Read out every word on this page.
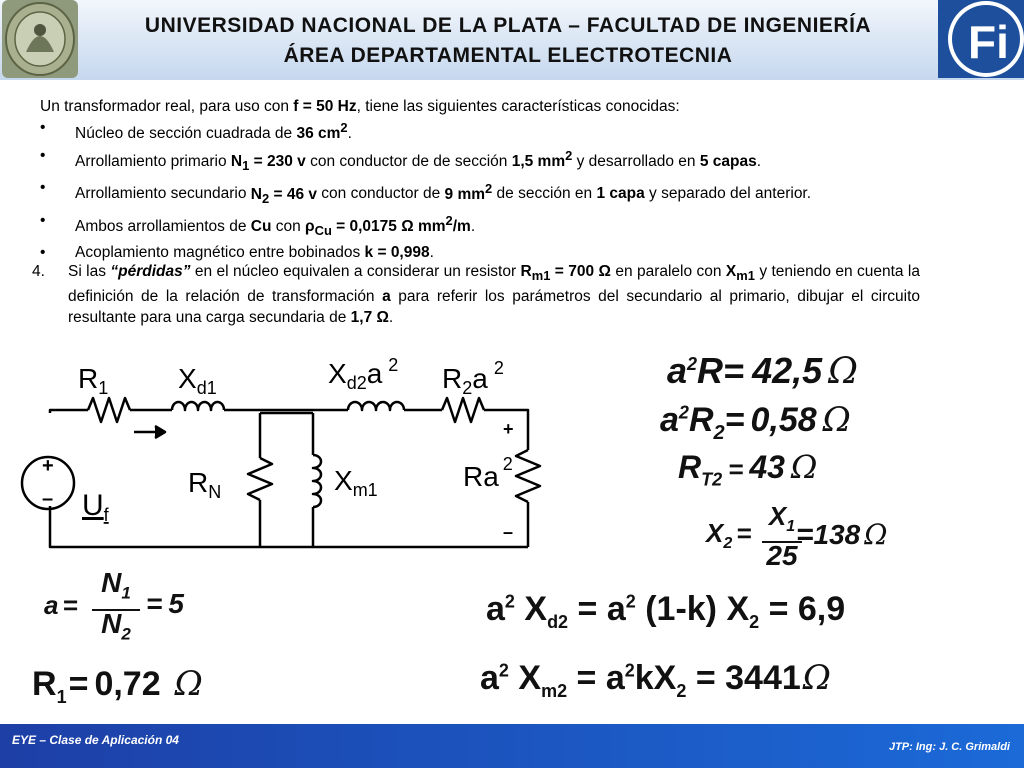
UNIVERSIDAD NACIONAL DE LA PLATA – FACULTAD DE INGENIERÍA
ÁREA DEPARTAMENTAL ELECTROTECNIA	Fi
Un transformador real, para uso con f = 50 Hz, tiene las siguientes características conocidas:
• Núcleo de sección cuadrada de 36 $cm^2$.
• Arrollamiento primario $N_1 = 230$ v con conductor de de sección 1,5 $mm^2$ y desarrollado en 5 capas.
• Arrollamiento secundario $N_2 = 46$ v con conductor de 9 $mm^2$ de sección en 1 capa y separado del anterior.
• Ambos arrollamientos de Cu con $\rho_{Cu} = 0,0175$ Ω $mm^2/m$.
• Acoplamiento magnético entre bobinados k = 0,998.
4. Si las “pérdidas” en el núcleo equivalen a considerar un resistor $R_{m1} = 700$ Ω en paralelo con $X_{m1}$ y teniendo en cuenta la definición de la relación de transformación a para referir los parámetros del secundario al primario, dibujar el circuito resultante para una carga secundaria de 1,7 Ω.
$R_1$ $X_{d1}$	$X_{d2}a$ $^2$ $R_2a$ $^2$
$R_N$	$X_{m1}$	Ra $^2$
$U_f$
+
–
+
–
$a^2R= 42,5$ Ω
$a^2R_2= 0,58$ Ω
$R_{T2} = 43$ Ω
$X_2$ =
$X_1$
25
=138 Ω
a =
$N_1$
$N_2$
= 5
$R_1= 0,72$ Ω
$a^2$ $X_{d2} = a^2$ (1-k) $X_2 = 6,9$
$a^2$ $X_{m2} = a^2kX_2 = 3441\Omega$
EYE – Clase de Aplicación 04	JTP: Ing: J. C. Grimaldi
